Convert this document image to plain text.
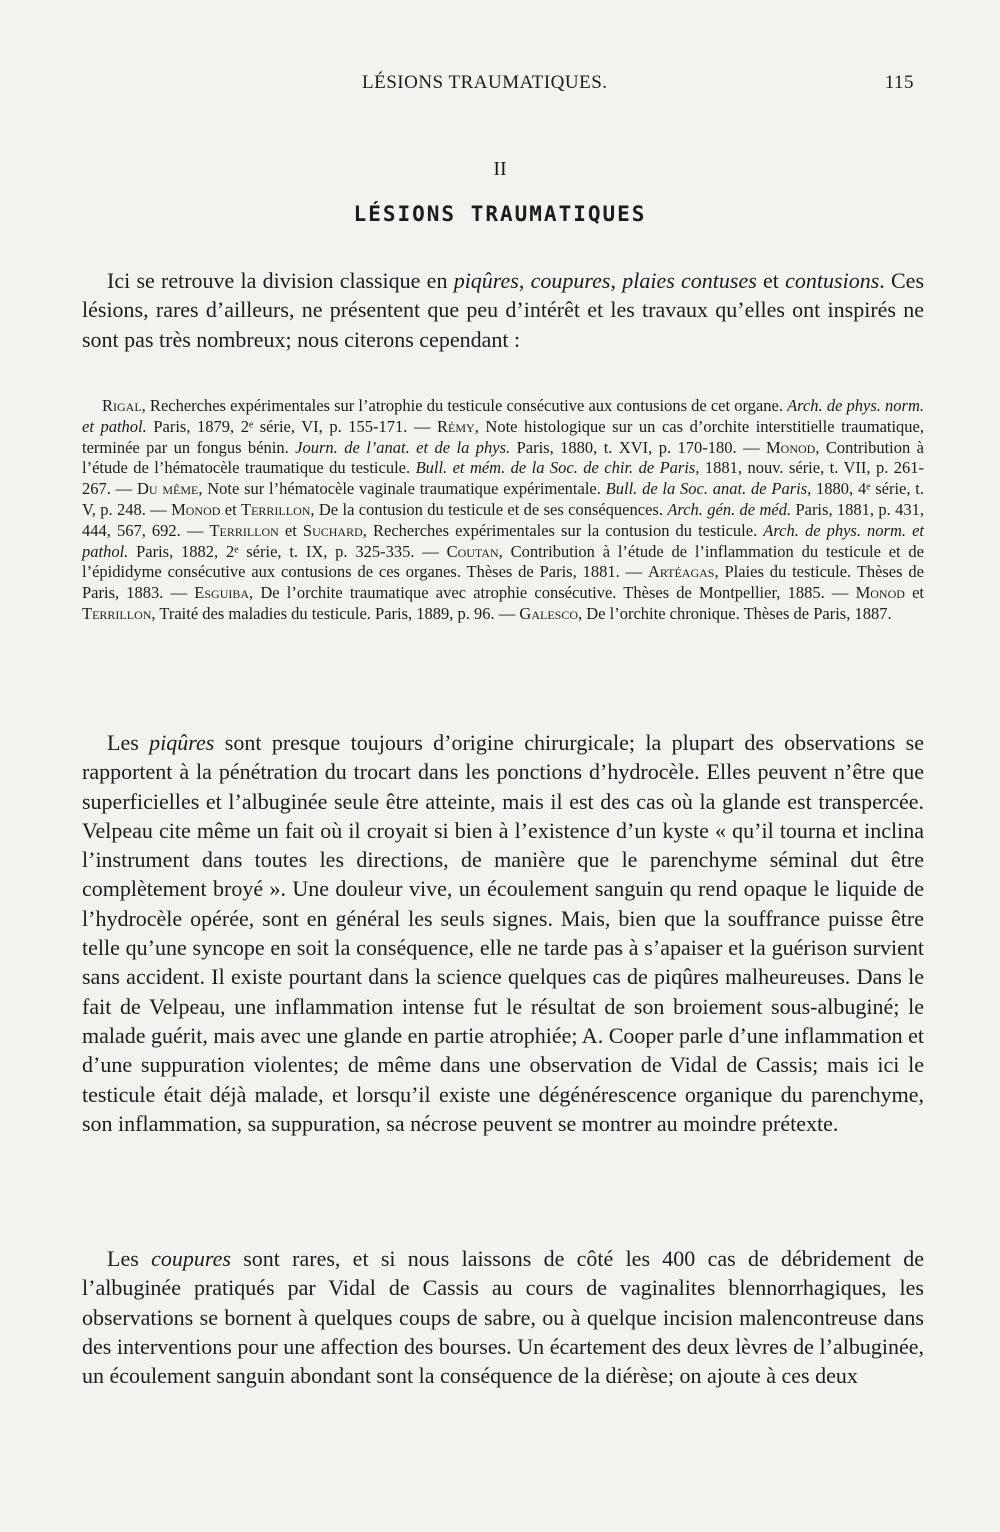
LÉSIONS TRAUMATIQUES.	115
II
LÉSIONS TRAUMATIQUES

Ici se retrouve la division classique en piqûres, coupures, plaies contuses et contusions. Ces lésions, rares d’ailleurs, ne présentent que peu d’intérêt et les travaux qu’elles ont inspirés ne sont pas très nombreux; nous citerons cependant :

Rigal, Recherches expérimentales sur l’atrophie du testicule consécutive aux contusions de cet organe. Arch. de phys. norm. et pathol. Paris, 1879, 2ᵉ série, VI, p. 155-171. — Rémy, Note histologique sur un cas d’orchite interstitielle traumatique, terminée par un fongus bénin. Journ. de l’anat. et de la phys. Paris, 1880, t. XVI, p. 170-180. — Monod, Contribution à l’étude de l’hématocèle traumatique du testicule. Bull. et mém. de la Soc. de chir. de Paris, 1881, nouv. série, t. VII, p. 261-267. — Du même, Note sur l’hématocèle vaginale traumatique expérimentale. Bull. de la Soc. anat. de Paris, 1880, 4ᵉ série, t. V, p. 248. — Monod et Terrillon, De la contusion du testicule et de ses conséquences. Arch. gén. de méd. Paris, 1881, p. 431, 444, 567, 692. — Terrillon et Suchard, Recherches expérimentales sur la contusion du testicule. Arch. de phys. norm. et pathol. Paris, 1882, 2ᵉ série, t. IX, p. 325-335. — Coutan, Contribution à l’étude de l’inflammation du testicule et de l’épididyme consécutive aux contusions de ces organes. Thèses de Paris, 1881. — Artéagas, Plaies du testicule. Thèses de Paris, 1883. — Esguiba, De l’orchite traumatique avec atrophie consécutive. Thèses de Montpellier, 1885. — Monod et Terrillon, Traité des maladies du testicule. Paris, 1889, p. 96. — Galesco, De l’orchite chronique. Thèses de Paris, 1887.

Les piqûres sont presque toujours d’origine chirurgicale; la plupart des observations se rapportent à la pénétration du trocart dans les ponctions d’hydrocèle. Elles peuvent n’être que superficielles et l’albuginée seule être atteinte, mais il est des cas où la glande est transpercée. Velpeau cite même un fait où il croyait si bien à l’existence d’un kyste « qu’il tourna et inclina l’instrument dans toutes les directions, de manière que le parenchyme séminal dut être complètement broyé ». Une douleur vive, un écoulement sanguin qu rend opaque le liquide de l’hydrocèle opérée, sont en général les seuls signes. Mais, bien que la souffrance puisse être telle qu’une syncope en soit la conséquence, elle ne tarde pas à s’apaiser et la guérison survient sans accident. Il existe pourtant dans la science quelques cas de piqûres malheureuses. Dans le fait de Velpeau, une inflammation intense fut le résultat de son broiement sous-albuginé; le malade guérit, mais avec une glande en partie atrophiée; A. Cooper parle d’une inflammation et d’une suppuration violentes; de même dans une observation de Vidal de Cassis; mais ici le testicule était déjà malade, et lorsqu’il existe une dégénérescence organique du parenchyme, son inflammation, sa suppuration, sa nécrose peuvent se montrer au moindre prétexte.

Les coupures sont rares, et si nous laissons de côté les 400 cas de débridement de l’albuginée pratiqués par Vidal de Cassis au cours de vaginalites blennorrhagiques, les observations se bornent à quelques coups de sabre, ou à quelque incision malencontreuse dans des interventions pour une affection des bourses. Un écartement des deux lèvres de l’albuginée, un écoulement sanguin abondant sont la conséquence de la diérèse; on ajoute à ces deux
